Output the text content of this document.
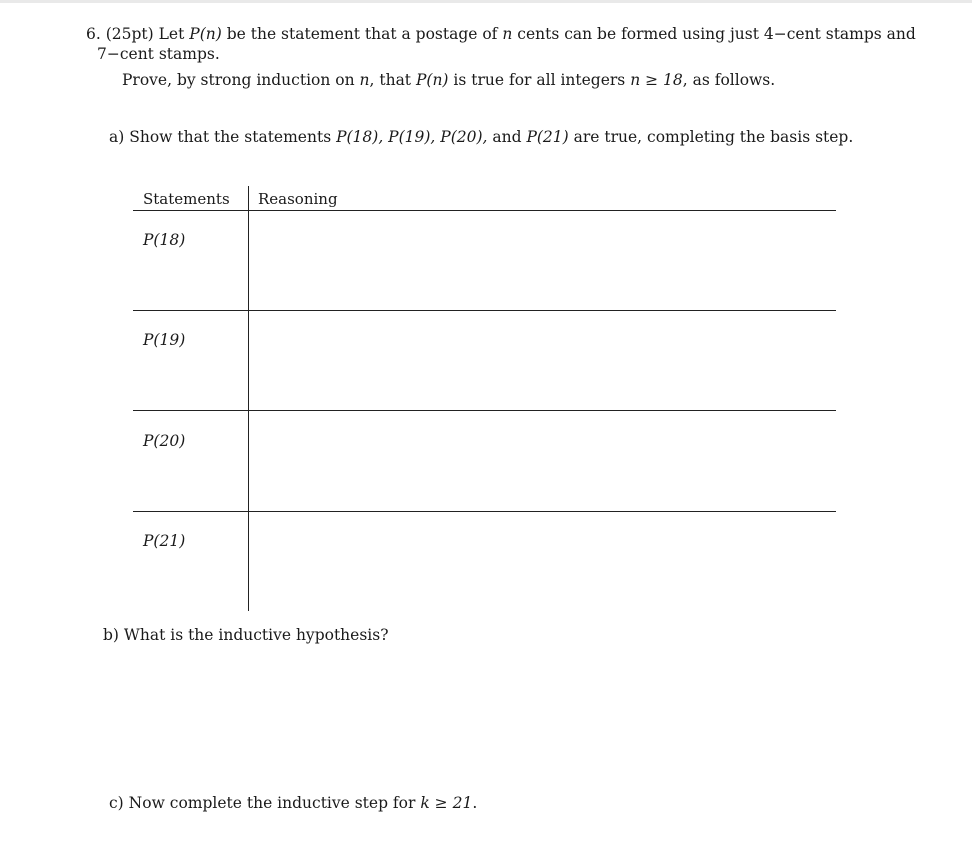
6. (25pt) Let P(n) be the statement that a postage of n cents can be formed using just 4−cent stamps and
7−cent stamps.
Prove, by strong induction on n, that P(n) is true for all integers n ≥ 18, as follows.
a) Show that the statements P(18), P(19), P(20), and P(21) are true, completing the basis step.
Statements Reasoning
P(18)
P(19)
P(20)
P(21)
b) What is the inductive hypothesis?
c) Now complete the inductive step for k ≥ 21.
